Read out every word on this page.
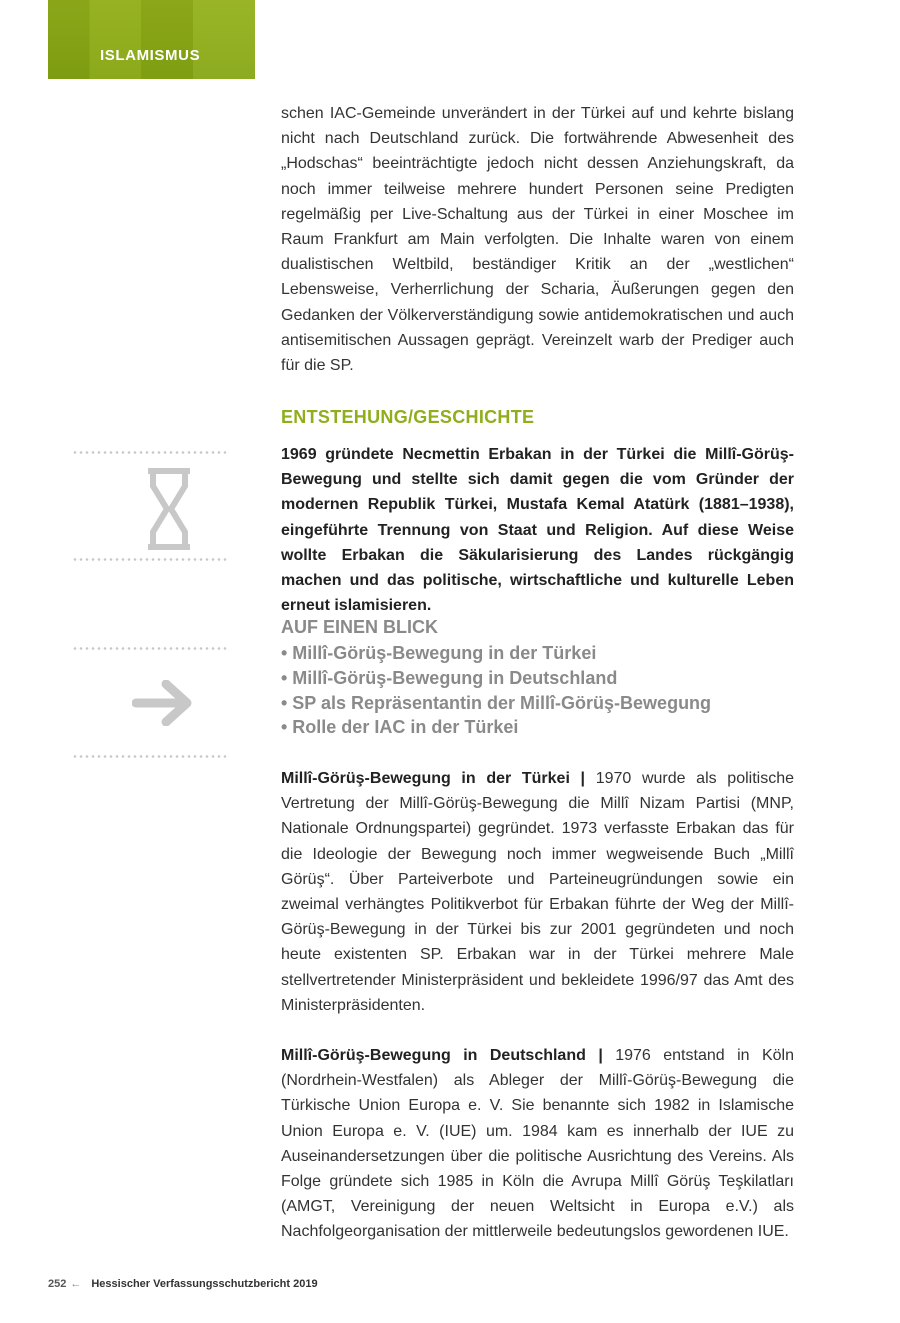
ISLAMISMUS

schen IAC-Gemeinde unverändert in der Türkei auf und kehrte bislang nicht nach Deutschland zurück. Die fortwährende Abwesenheit des „Hodschas“ beeinträchtigte jedoch nicht dessen Anziehungskraft, da noch immer teilweise mehrere hundert Personen seine Predigten regelmäßig per Live-Schaltung aus der Türkei in einer Moschee im Raum Frankfurt am Main verfolgten. Die Inhalte waren von einem dualistischen Weltbild, beständiger Kritik an der „westlichen“ Lebensweise, Verherrlichung der Scharia, Äußerungen gegen den Gedanken der Völkerverständigung sowie antidemokratischen und auch antisemitischen Aussagen geprägt. Vereinzelt warb der Prediger auch für die SP.

ENTSTEHUNG/GESCHICHTE

1969 gründete Necmettin Erbakan in der Türkei die Millî-Görüş-Bewegung und stellte sich damit gegen die vom Gründer der modernen Republik Türkei, Mustafa Kemal Atatürk (1881–1938), eingeführte Trennung von Staat und Religion. Auf diese Weise wollte Erbakan die Säkularisierung des Landes rückgängig machen und das politische, wirtschaftliche und kulturelle Leben erneut islamisieren.

AUF EINEN BLICK
• Millî-Görüş-Bewegung in der Türkei
• Millî-Görüş-Bewegung in Deutschland
• SP als Repräsentantin der Millî-Görüş-Bewegung
• Rolle der IAC in der Türkei

Millî-Görüş-Bewegung in der Türkei | 1970 wurde als politische Vertretung der Millî-Görüş-Bewegung die Millî Nizam Partisi (MNP, Nationale Ordnungspartei) gegründet. 1973 verfasste Erbakan das für die Ideologie der Bewegung noch immer wegweisende Buch „Millî Görüş“. Über Parteiverbote und Parteineugründungen sowie ein zweimal verhängtes Politikverbot für Erbakan führte der Weg der Millî-Görüş-Bewegung in der Türkei bis zur 2001 gegründeten und noch heute existenten SP. Erbakan war in der Türkei mehrere Male stellvertretender Ministerpräsident und bekleidete 1996/97 das Amt des Ministerpräsidenten.

Millî-Görüş-Bewegung in Deutschland | 1976 entstand in Köln (Nordrhein-Westfalen) als Ableger der Millî-Görüş-Bewegung die Türkische Union Europa e. V. Sie benannte sich 1982 in Islamische Union Europa e. V. (IUE) um. 1984 kam es innerhalb der IUE zu Auseinandersetzungen über die politische Ausrichtung des Vereins. Als Folge gründete sich 1985 in Köln die Avrupa Millî Görüş Teşkilatları (AMGT, Vereinigung der neuen Weltsicht in Europa e.V.) als Nachfolgeorganisation der mittlerweile bedeutungslos gewordenen IUE.

252 ← Hessischer Verfassungsschutzbericht 2019
